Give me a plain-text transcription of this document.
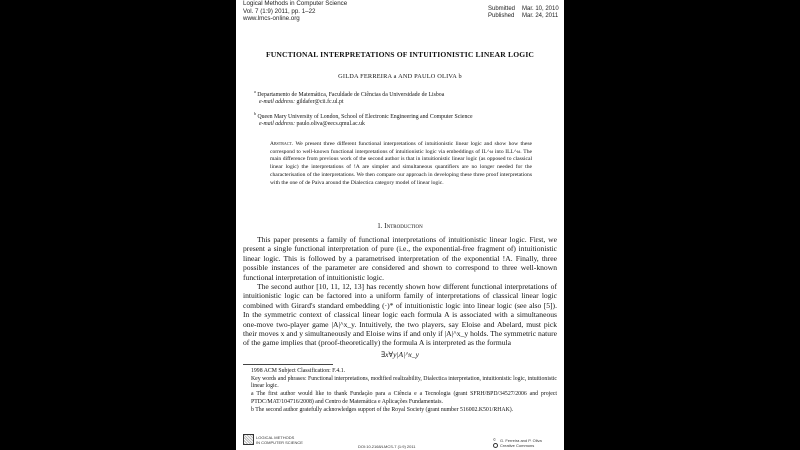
Logical Methods in Computer Science
Vol. 7 (1:9) 2011, pp. 1–22
www.lmcs-online.org
Submitted	Mar. 10, 2010
Published	Mar. 24, 2011
FUNCTIONAL INTERPRETATIONS OF INTUITIONISTIC LINEAR LOGIC
GILDA FERREIRA a AND PAULO OLIVA b
$^a$ Departamento de Matemática, Faculdade de Ciências da Universidade de Lisboa
e-mail address: gildafer@cii.fc.ul.pt
$^b$ Queen Mary University of London, School of Electronic Engineering and Computer Science
e-mail address: paulo.oliva@eecs.qmul.ac.uk
Abstract. We present three different functional interpretations of intuitionistic linear logic and show how these correspond to well-known functional interpretations of intuitionistic logic via embeddings of IL^ω into ILL^ω. The main difference from previous work of the second author is that in intuitionistic linear logic (as opposed to classical linear logic) the interpretations of !A are simpler and simultaneous quantifiers are no longer needed for the characterisation of the interpretations. We then compare our approach in developing these three proof interpretations with the one of de Paiva around the Dialectica category model of linear logic.
1. Introduction

This paper presents a family of functional interpretations of intuitionistic linear logic. First, we present a single functional interpretation of pure (i.e., the exponential-free fragment of) intuitionistic linear logic. This is followed by a parametrised interpretation of the exponential !A. Finally, three possible instances of the parameter are considered and shown to correspond to three well-known functional interpretation of intuitionistic logic.

The second author [10, 11, 12, 13] has recently shown how different functional interpretations of intuitionistic logic can be factored into a uniform family of interpretations of classical linear logic combined with Girard's standard embedding (·)* of intuitionistic logic into linear logic (see also [5]). In the symmetric context of classical linear logic each formula A is associated with a simultaneous one-move two-player game |A|^x_y. Intuitively, the two players, say Eloise and Abelard, must pick their moves x and y simultaneously and Eloise wins if and only if |A|^x_y holds. The symmetric nature of the game implies that (proof-theoretically) the formula A is interpreted as the formula

∃x∀y|A|^x_y
1998 ACM Subject Classification: F.4.1.
Key words and phrases: Functional interpretations, modified realizability, Dialectica interpretation, intuitionistic logic, intuitionistic linear logic.
a The first author would like to thank Fundação para a Ciência e a Tecnologia (grant SFRH/BPD/34527/2006 and project PTDC/MAT/104716/2008) and Centro de Matemática e Aplicações Fundamentais.
b The second author gratefully acknowledges support of the Royal Society (grant number 516002.K501/RHAK).
LOGICAL METHODS
IN COMPUTER SCIENCE
DOI:10.2168/LMCS-7 (1:9) 2011
© G. Ferreira and P. Oliva
Creative Commons
